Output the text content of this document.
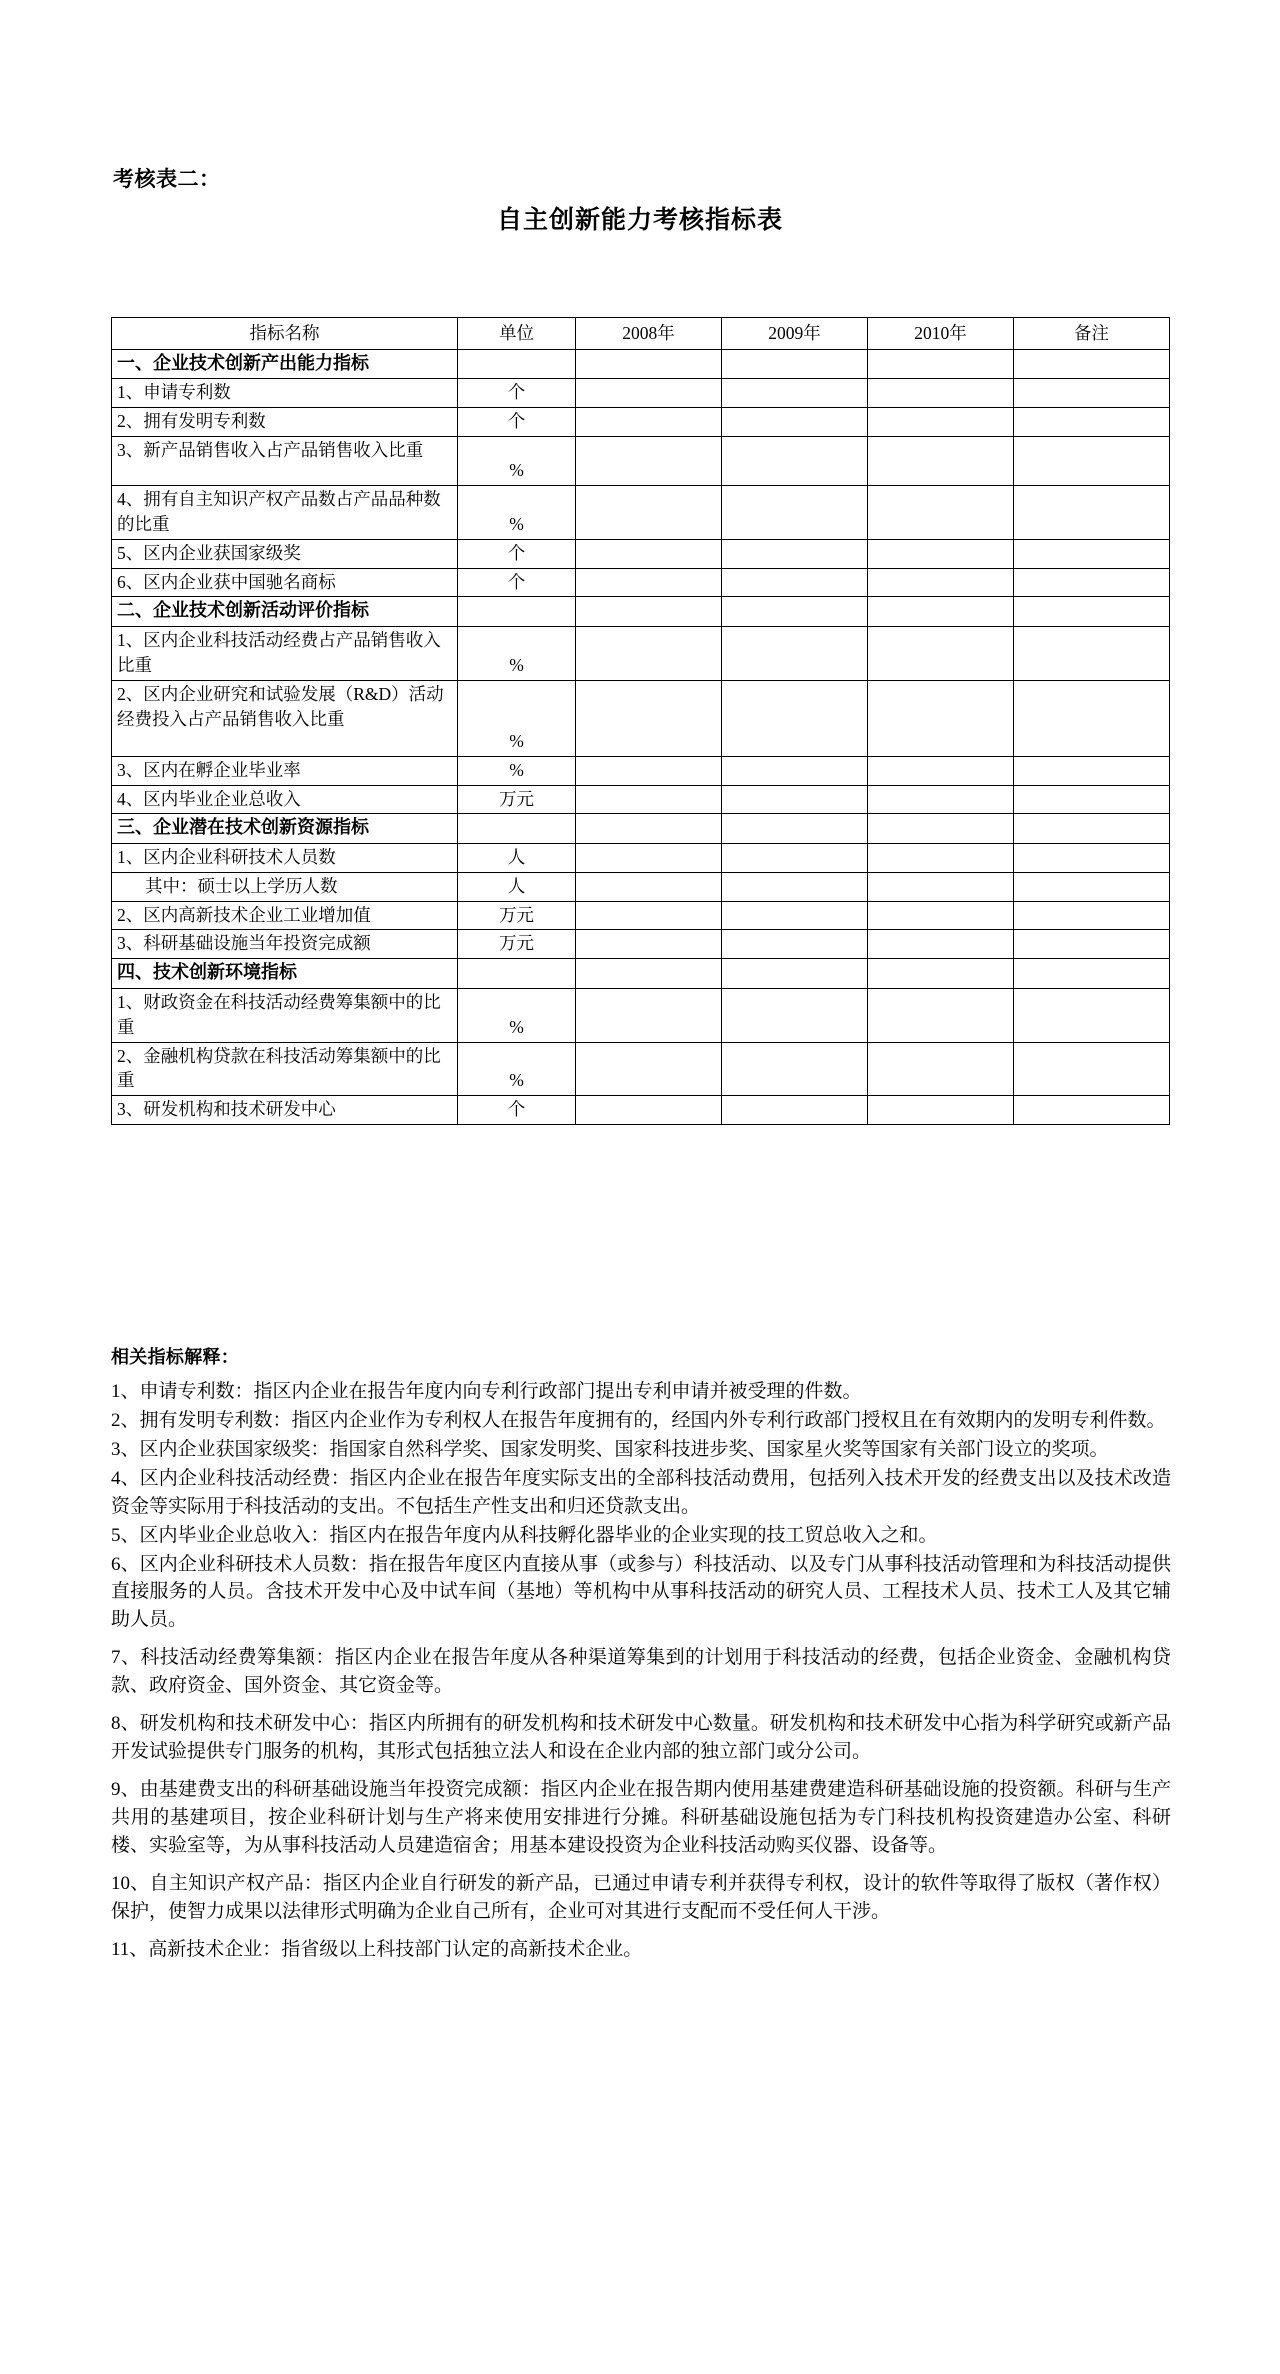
考核表二：
自主创新能力考核指标表
指标名称	单位	2008年	2009年	2010年	备注
一、企业技术创新产出能力指标					
1、申请专利数	个				
2、拥有发明专利数	个				
3、新产品销售收入占产品销售收入比重	%				
4、拥有自主知识产权产品数占产品品种数的比重	%				
5、区内企业获国家级奖	个				
6、区内企业获中国驰名商标	个				
二、企业技术创新活动评价指标					
1、区内企业科技活动经费占产品销售收入比重	%				
2、区内企业研究和试验发展（R&D）活动经费投入占产品销售收入比重	%				
3、区内在孵企业毕业率	%				
4、区内毕业企业总收入	万元				
三、企业潜在技术创新资源指标					
1、区内企业科研技术人员数	人				
其中：硕士以上学历人数	人				
2、区内高新技术企业工业增加值	万元				
3、科研基础设施当年投资完成额	万元				
四、技术创新环境指标					
1、财政资金在科技活动经费筹集额中的比重	%				
2、金融机构贷款在科技活动筹集额中的比重	%				
3、研发机构和技术研发中心	个				

相关指标解释：

1、申请专利数：指区内企业在报告年度内向专利行政部门提出专利申请并被受理的件数。

2、拥有发明专利数：指区内企业作为专利权人在报告年度拥有的，经国内外专利行政部门授权且在有效期内的发明专利件数。

3、区内企业获国家级奖：指国家自然科学奖、国家发明奖、国家科技进步奖、国家星火奖等国家有关部门设立的奖项。

4、区内企业科技活动经费：指区内企业在报告年度实际支出的全部科技活动费用，包括列入技术开发的经费支出以及技术改造资金等实际用于科技活动的支出。不包括生产性支出和归还贷款支出。

5、区内毕业企业总收入：指区内在报告年度内从科技孵化器毕业的企业实现的技工贸总收入之和。

6、区内企业科研技术人员数：指在报告年度区内直接从事（或参与）科技活动、以及专门从事科技活动管理和为科技活动提供直接服务的人员。含技术开发中心及中试车间（基地）等机构中从事科技活动的研究人员、工程技术人员、技术工人及其它辅助人员。

7、科技活动经费筹集额：指区内企业在报告年度从各种渠道筹集到的计划用于科技活动的经费，包括企业资金、金融机构贷款、政府资金、国外资金、其它资金等。

8、研发机构和技术研发中心：指区内所拥有的研发机构和技术研发中心数量。研发机构和技术研发中心指为科学研究或新产品开发试验提供专门服务的机构，其形式包括独立法人和设在企业内部的独立部门或分公司。

9、由基建费支出的科研基础设施当年投资完成额：指区内企业在报告期内使用基建费建造科研基础设施的投资额。科研与生产共用的基建项目，按企业科研计划与生产将来使用安排进行分摊。科研基础设施包括为专门科技机构投资建造办公室、科研楼、实验室等，为从事科技活动人员建造宿舍；用基本建设投资为企业科技活动购买仪器、设备等。

10、自主知识产权产品：指区内企业自行研发的新产品，已通过申请专利并获得专利权，设计的软件等取得了版权（著作权）保护，使智力成果以法律形式明确为企业自己所有，企业可对其进行支配而不受任何人干涉。

11、高新技术企业：指省级以上科技部门认定的高新技术企业。
